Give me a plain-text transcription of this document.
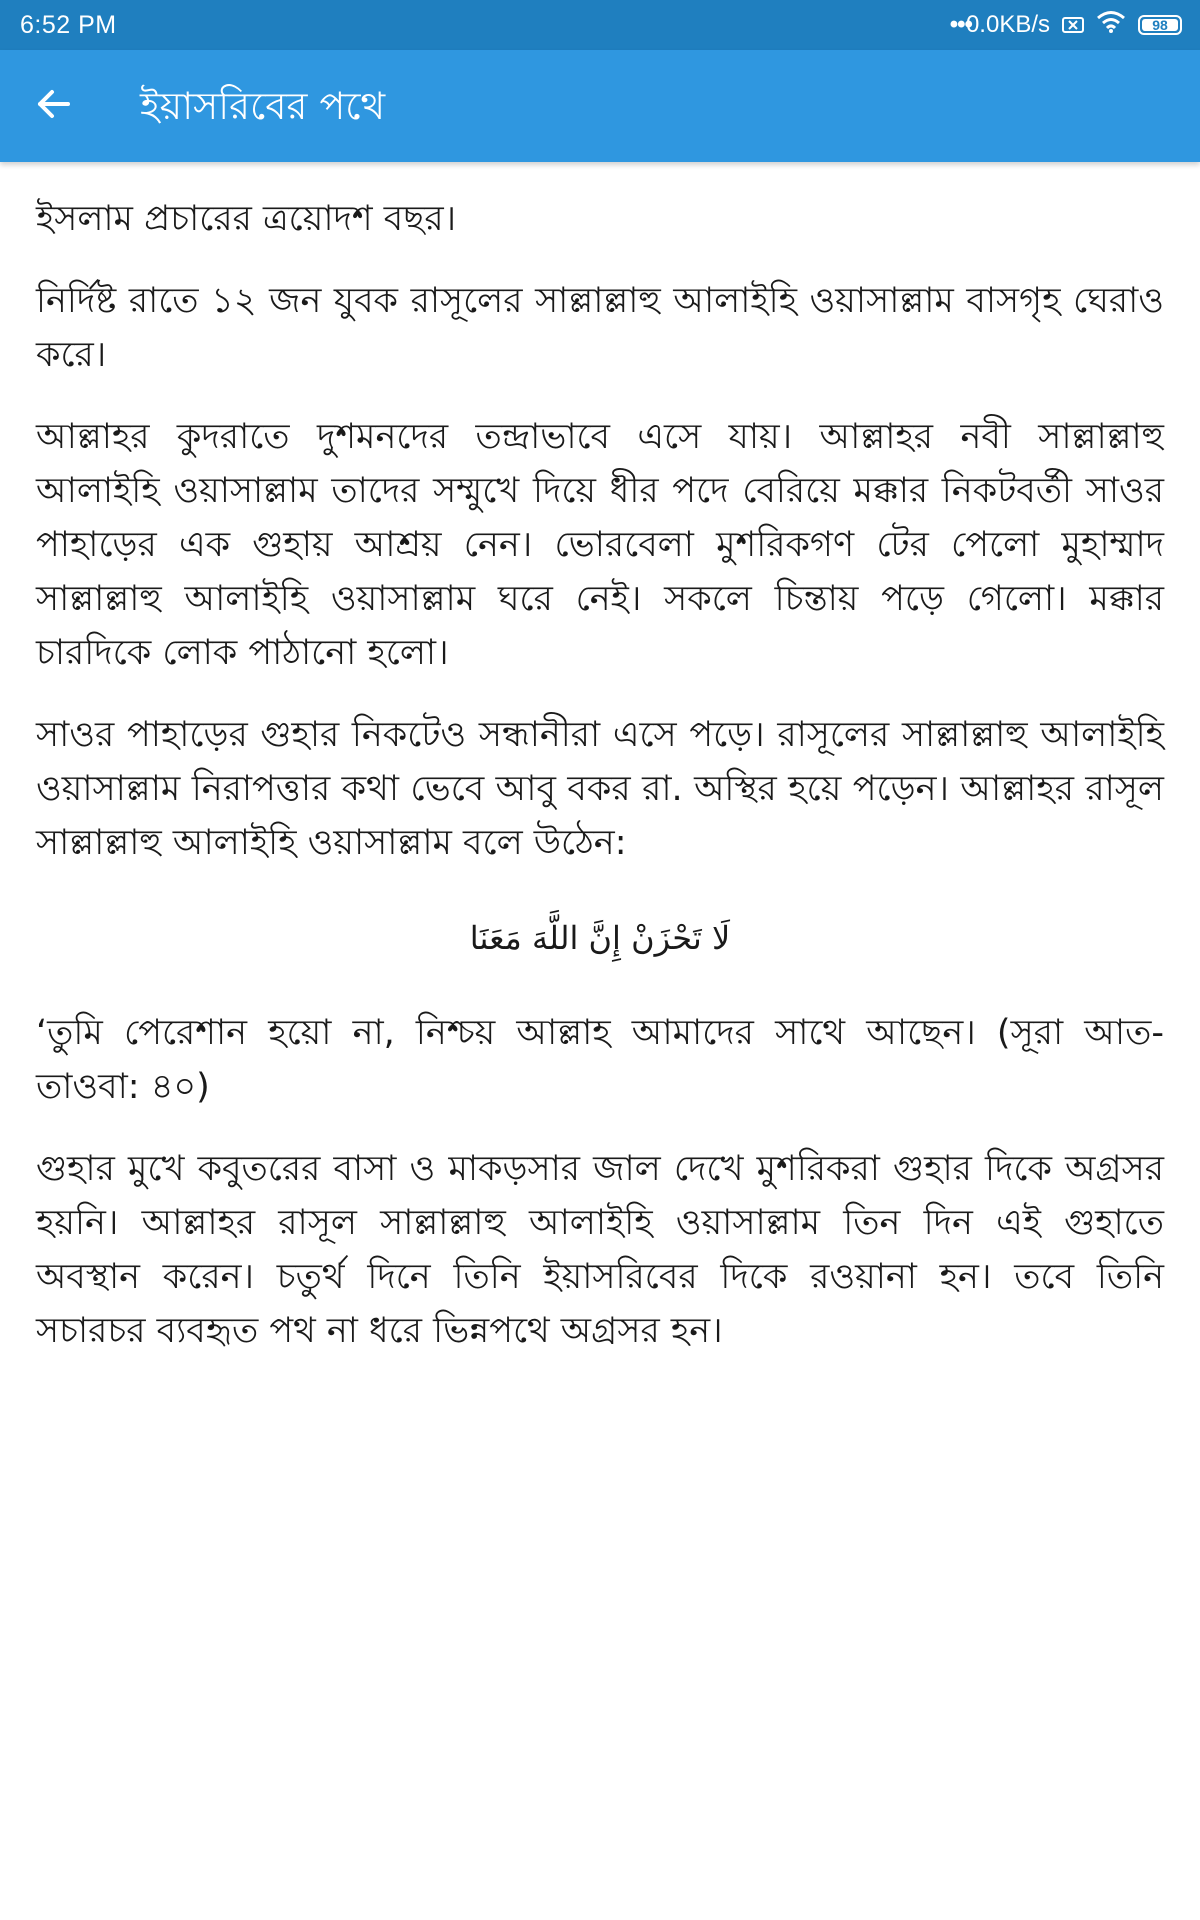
6:52 PM	•••0.0KB/s	98
ইয়াসরিবের পথে

ইসলাম প্রচারের ত্রয়োদশ বছর।

নির্দিষ্ট রাতে ১২ জন যুবক রাসূলের সাল্লাল্লাহু আলাইহি ওয়াসাল্লাম বাসগৃহ ঘেরাও করে।

আল্লাহর কুদরাতে দুশমনদের তন্দ্রাভাবে এসে যায়। আল্লাহর নবী সাল্লাল্লাহু আলাইহি ওয়াসাল্লাম তাদের সম্মুখে দিয়ে ধীর পদে বেরিয়ে মক্কার নিকটবর্তী সাওর পাহাড়ের এক গুহায় আশ্রয় নেন। ভোরবেলা মুশরিকগণ টের পেলো মুহাম্মাদ সাল্লাল্লাহু আলাইহি ওয়াসাল্লাম ঘরে নেই। সকলে চিন্তায় পড়ে গেলো। মক্কার চারদিকে লোক পাঠানো হলো।

সাওর পাহাড়ের গুহার নিকটেও সন্ধানীরা এসে পড়ে। রাসূলের সাল্লাল্লাহু আলাইহি ওয়াসাল্লাম নিরাপত্তার কথা ভেবে আবু বকর রা. অস্থির হয়ে পড়েন। আল্লাহর রাসূল সাল্লাল্লাহু আলাইহি ওয়াসাল্লাম বলে উঠেন:

لَا تَحْزَنْ إِنَّ اللَّهَ مَعَنَا

‘তুমি পেরেশান হয়ো না, নিশ্চয় আল্লাহ আমাদের সাথে আছেন। (সূরা আত-তাওবা: ৪০)

গুহার মুখে কবুতরের বাসা ও মাকড়সার জাল দেখে মুশরিকরা গুহার দিকে অগ্রসর হয়নি। আল্লাহর রাসূল সাল্লাল্লাহু আলাইহি ওয়াসাল্লাম তিন দিন এই গুহাতে অবস্থান করেন। চতুর্থ দিনে তিনি ইয়াসরিবের দিকে রওয়ানা হন। তবে তিনি সচারচর ব্যবহৃত পথ না ধরে ভিন্নপথে অগ্রসর হন।
